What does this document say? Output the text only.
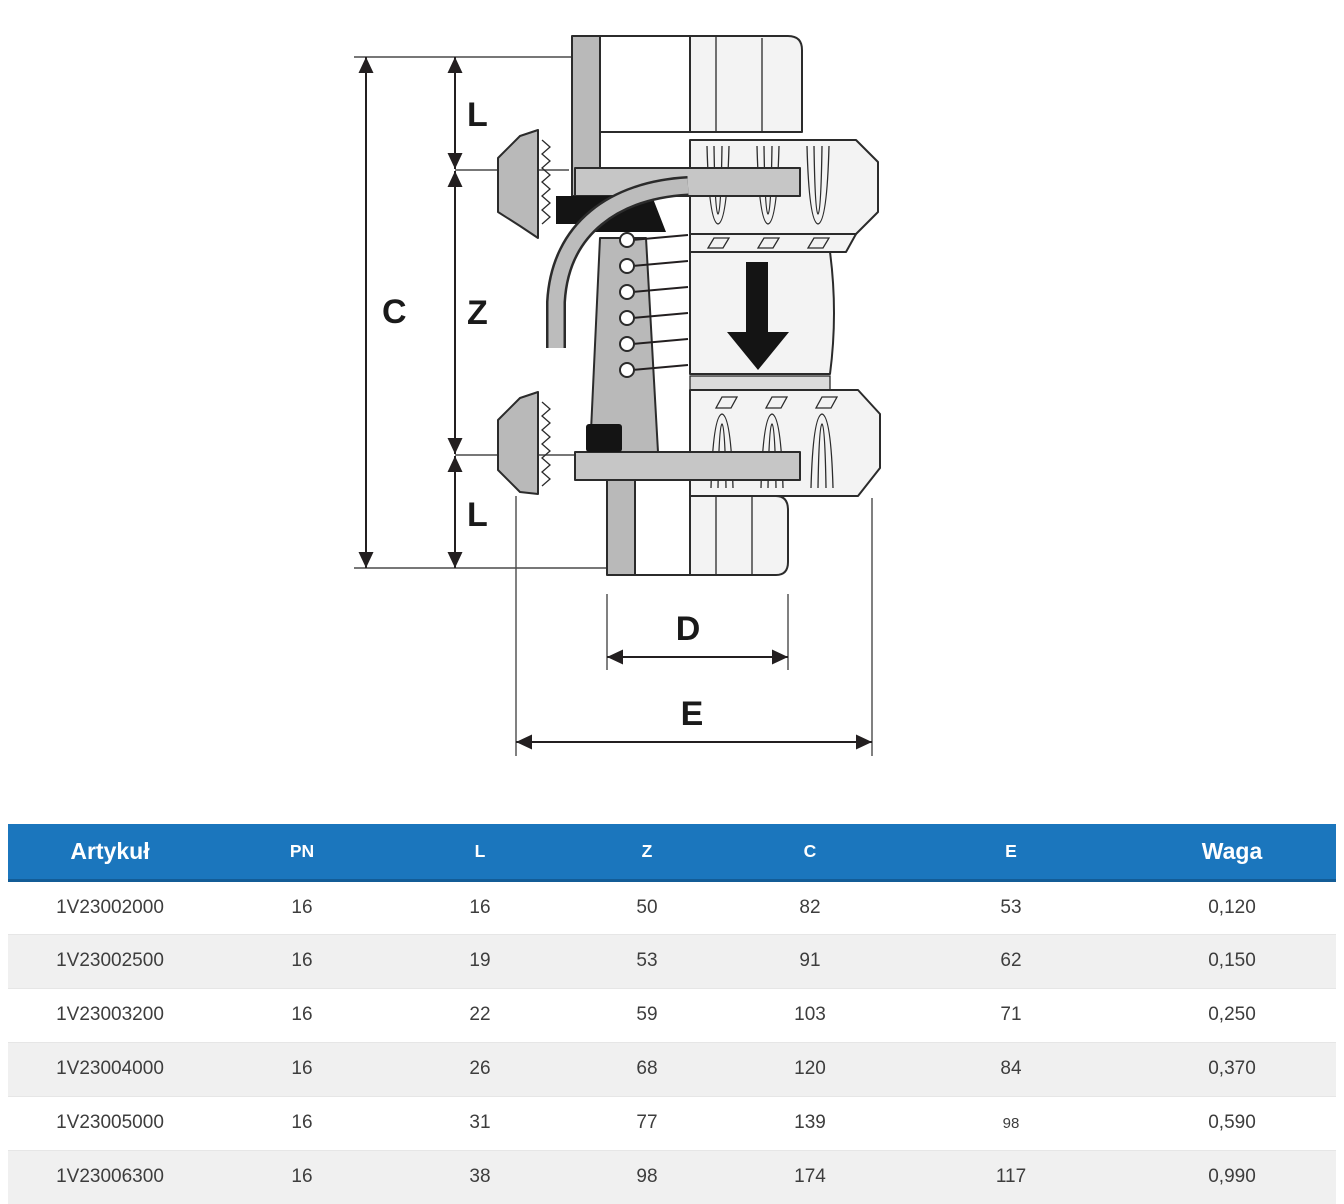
C
L
Z
L
D
E
Artykuł	PN	L	Z	C	E	Waga
1V23002000	16	16	50	82	53	0,120
1V23002500	16	19	53	91	62	0,150
1V23003200	16	22	59	103	71	0,250
1V23004000	16	26	68	120	84	0,370
1V23005000	16	31	77	139	98	0,590
1V23006300	16	38	98	174	117	0,990
